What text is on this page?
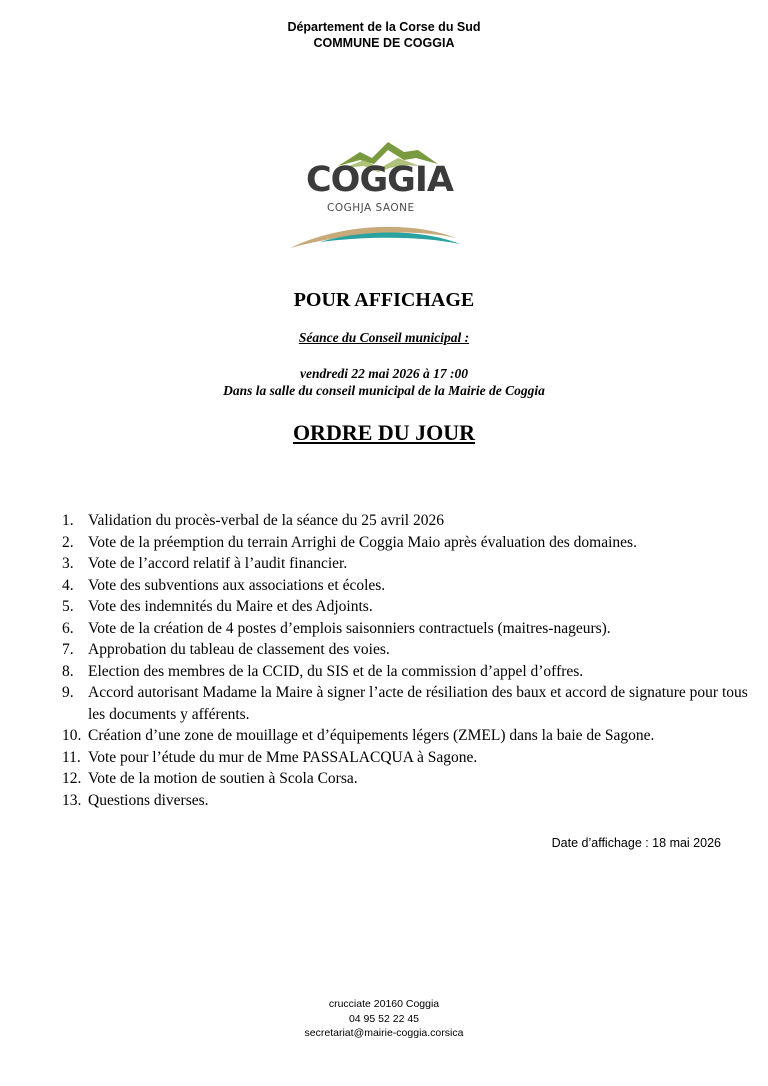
Département de la Corse du Sud
COMMUNE DE COGGIA
COGGIA
COGHJA SAONE
POUR AFFICHAGE
Séance du Conseil municipal :
vendredi 22 mai 2026 à 17 :00
Dans la salle du conseil municipal de la Mairie de Coggia
ORDRE DU JOUR
1. Validation du procès-verbal de la séance du 25 avril 2026
2. Vote de la préemption du terrain Arrighi de Coggia Maio après évaluation des domaines.
3. Vote de l’accord relatif à l’audit financier.
4. Vote des subventions aux associations et écoles.
5. Vote des indemnités du Maire et des Adjoints.
6. Vote de la création de 4 postes d’emplois saisonniers contractuels (maitres-nageurs).
7. Approbation du tableau de classement des voies.
8. Election des membres de la CCID, du SIS et de la commission d’appel d’offres.
9. Accord autorisant Madame la Maire à signer l’acte de résiliation des baux et accord de signature pour tous les documents y afférents.
10. Création d’une zone de mouillage et d’équipements légers (ZMEL) dans la baie de Sagone.
11. Vote pour l’étude du mur de Mme PASSALACQUA à Sagone.
12. Vote de la motion de soutien à Scola Corsa.
13. Questions diverses.
Date d’affichage : 18 mai 2026
crucciate 20160 Coggia
04 95 52 22 45
secretariat@mairie-coggia.corsica
